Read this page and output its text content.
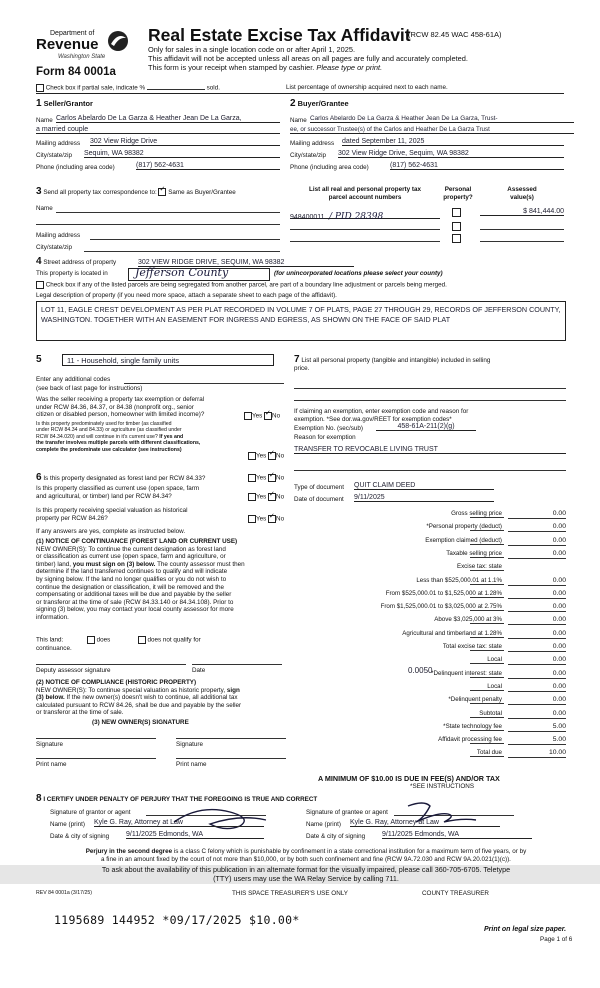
Department of
Revenue
Washington State
Form 84 0001a
Real Estate Excise Tax Affidavit
(RCW 82.45 WAC 458-61A)
Only for sales in a single location code on or after April 1, 2025.
This affidavit will not be accepted unless all areas on all pages are fully and accurately completed.
This form is your receipt when stamped by cashier. Please type or print.
Check box if partial sale, indicate %	sold.	List percentage of ownership acquired next to each name.
1 Seller/Grantor
Name Carlos Abelardo De La Garza & Heather Jean De La Garza,
a married couple
Mailing address 302 View Ridge Drive
City/state/zip Sequim, WA 98382
Phone (including area code)	(817) 562-4631
2 Buyer/Grantee
Name Carlos Abelardo De La Garza & Heather Jean De La Garza, Trust-
ee, or successor Trustee(s) of the Carlos and Heather De La Garza Trust
Mailing address dated September 11, 2025
City/state/zip 302 View Ridge Drive, Sequim, WA 98382
Phone (including area code)	(817) 562-4631
3 Send all property tax correspondence to: ✓ Same as Buyer/Grantee
Name
Mailing address
City/state/zip
List all real and personal property tax
parcel account numbers
Personal
property?
Assessed
value(s)
948400011 / PID 28398
$ 841,444.00
4 Street address of property	302 VIEW RIDGE DRIVE, SEQUIM, WA 98382
This property is located in Jefferson County	(for unincorporated locations please select your county)
Check box if any of the listed parcels are being segregated from another parcel, are part of a boundary line adjustment or parcels being merged.
Legal description of property (if you need more space, attach a separate sheet to each page of the affidavit).
LOT 11, EAGLE CREST DEVELOPMENT AS PER PLAT RECORDED IN VOLUME 7 OF PLATS, PAGE 27 THROUGH 29, RECORDS OF JEFFERSON COUNTY, WASHINGTON. TOGETHER WITH AN EASEMENT FOR INGRESS AND EGRESS, AS SHOWN ON THE FACE OF SAID PLAT
5	11 - Household, single family units
Enter any additional codes
(see back of last page for instructions)
Was the seller receiving a property tax exemption or deferral
under RCW 84.36, 84.37, or 84.38 (nonprofit org., senior
citizen or disabled person, homeowner with limited income)?	Yes ✓ No
Is this property predominately used for timber (as classified
under RCW 84.34 and 84.33) or agriculture (as classified under
RCW 84.34.020) and will continue in it's current use? If yes and
the transfer involves multiple parcels with different classifications,
complete the predominate use calculator (see instructions)
Yes ✓ No
6 Is this property designated as forest land per RCW 84.33?	Yes ✓ No
Is this property classified as current use (open space, farm
and agricultural, or timber) land per RCW 84.34?	Yes ✓ No
Is this property receiving special valuation as historical
property per RCW 84.26?	Yes ✓ No
If any answers are yes, complete as instructed below.
(1) NOTICE OF CONTINUANCE (FOREST LAND OR CURRENT USE)
NEW OWNER(S): To continue the current designation as forest land
or classification as current use (open space, farm and agriculture, or
timber) land, you must sign on (3) below. The county assessor must then
determine if the land transferred continues to qualify and will indicate
by signing below. If the land no longer qualifies or you do not wish to
continue the designation or classification, it will be removed and the
compensating or additional taxes will be due and payable by the seller
or transferor at the time of sale (RCW 84.33.140 or 84.34.108). Prior to
signing (3) below, you may contact your local county assessor for more
information.
This land:	does	does not qualify for
continuance.
Deputy assessor signature	Date
(2) NOTICE OF COMPLIANCE (HISTORIC PROPERTY)
NEW OWNER(S): To continue special valuation as historic property, sign
(3) below. If the new owner(s) doesn't wish to continue, all additional tax
calculated pursuant to RCW 84.26, shall be due and payable by the seller
or transferor at the time of sale.
(3) NEW OWNER(S) SIGNATURE
Signature	Signature
Print name	Print name
7 List all personal property (tangible and intangible) included in selling
price.
If claiming an exemption, enter exemption code and reason for
exemption. *See dor.wa.gov/REET for exemption codes*
Exemption No. (sec/sub)	458-61A-211(2)(g)
Reason for exemption
TRANSFER TO REVOCABLE LIVING TRUST
Type of document QUIT CLAIM DEED
Date of document 9/11/2025
Gross selling price	0.00
*Personal property (deduct)	0.00
Exemption claimed (deduct)	0.00
Taxable selling price	0.00
Excise tax: state
Less than $525,000.01 at 1.1%	0.00
From $525,000.01 to $1,525,000 at 1.28%	0.00
From $1,525,000.01 to $3,025,000 at 2.75%	0.00
Above $3,025,000 at 3%	0.00
Agricultural and timberland at 1.28%	0.00
Total excise tax: state	0.00
Local	0.00
*Delinquent interest: state	0.00
Local	0.00
*Delinquent penalty	0.00
Subtotal	0.00
*State technology fee	5.00
Affidavit processing fee	5.00
Total due	10.00
0.0050
A MINIMUM OF $10.00 IS DUE IN FEE(S) AND/OR TAX
*SEE INSTRUCTIONS
8 I CERTIFY UNDER PENALTY OF PERJURY THAT THE FOREGOING IS TRUE AND CORRECT
Signature of grantor or agent
Name (print) Kyle G. Ray, Attorney at Law
Date & city of signing 9/11/2025 Edmonds, WA
Signature of grantee or agent
Name (print) Kyle G. Ray, Attorney at Law
Date & city of signing 9/11/2025 Edmonds, WA
Perjury in the second degree is a class C felony which is punishable by confinement in a state correctional institution for a maximum term of five years, or by
a fine in an amount fixed by the court of not more than $10,000, or by both such confinement and fine (RCW 9A.72.030 and RCW 9A.20.021(1)(c)).
To ask about the availability of this publication in an alternate format for the visually impaired, please call 360-705-6705. Teletype
(TTY) users may use the WA Relay Service by calling 711.
REV 84 0001a (3/17/25)	THIS SPACE TREASURER'S USE ONLY	COUNTY TREASURER
1195689 144952 *09/17/2025 $10.00*
Print on legal size paper.
Page 1 of 6
